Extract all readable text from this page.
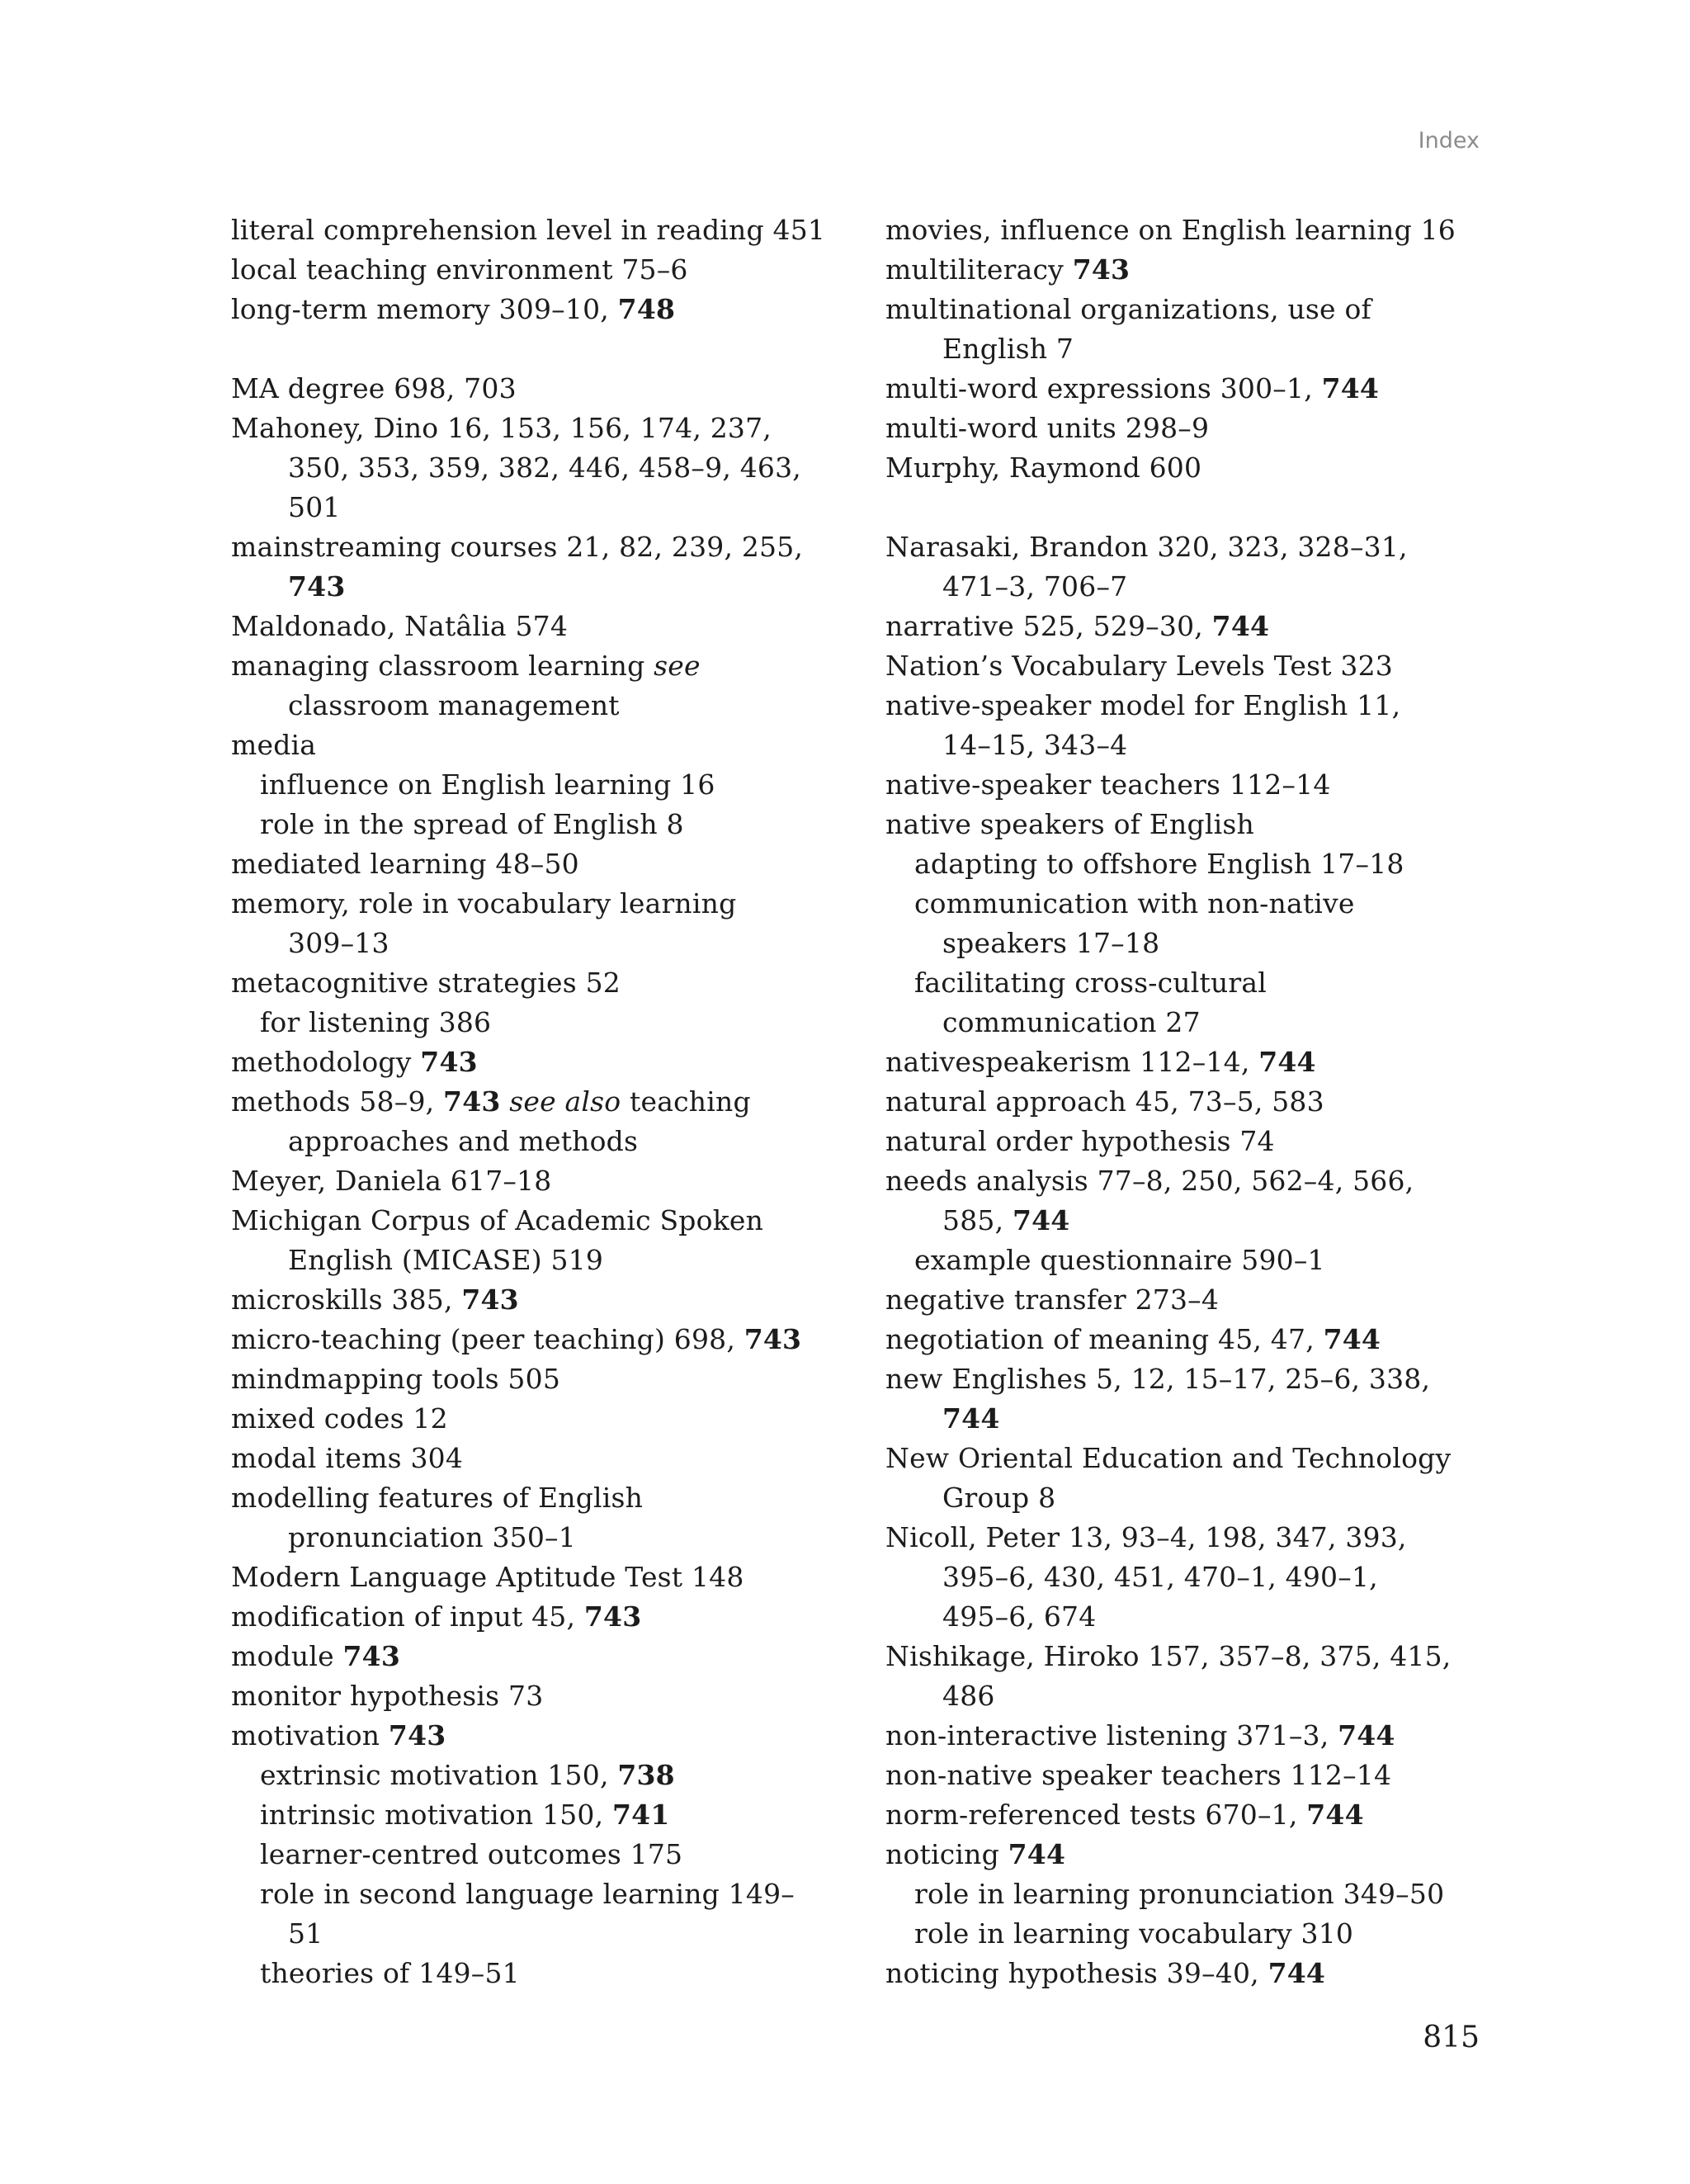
Index
literal comprehension level in reading 451
local teaching environment 75–6
long-term memory 309–10, 748
MA degree 698, 703
Mahoney, Dino 16, 153, 156, 174, 237,
350, 353, 359, 382, 446, 458–9, 463,
501
mainstreaming courses 21, 82, 239, 255,
743
Maldonado, Natâlia 574
managing classroom learning see
classroom management
media
influence on English learning 16
role in the spread of English 8
mediated learning 48–50
memory, role in vocabulary learning
309–13
metacognitive strategies 52
for listening 386
methodology 743
methods 58–9, 743 see also teaching
approaches and methods
Meyer, Daniela 617–18
Michigan Corpus of Academic Spoken
English (MICASE) 519
microskills 385, 743
micro-teaching (peer teaching) 698, 743
mindmapping tools 505
mixed codes 12
modal items 304
modelling features of English
pronunciation 350–1
Modern Language Aptitude Test 148
modification of input 45, 743
module 743
monitor hypothesis 73
motivation 743
extrinsic motivation 150, 738
intrinsic motivation 150, 741
learner-centred outcomes 175
role in second language learning 149–
51
theories of 149–51
movies, influence on English learning 16
multiliteracy 743
multinational organizations, use of
English 7
multi-word expressions 300–1, 744
multi-word units 298–9
Murphy, Raymond 600
Narasaki, Brandon 320, 323, 328–31,
471–3, 706–7
narrative 525, 529–30, 744
Nation’s Vocabulary Levels Test 323
native-speaker model for English 11,
14–15, 343–4
native-speaker teachers 112–14
native speakers of English
adapting to offshore English 17–18
communication with non-native
speakers 17–18
facilitating cross-cultural
communication 27
nativespeakerism 112–14, 744
natural approach 45, 73–5, 583
natural order hypothesis 74
needs analysis 77–8, 250, 562–4, 566,
585, 744
example questionnaire 590–1
negative transfer 273–4
negotiation of meaning 45, 47, 744
new Englishes 5, 12, 15–17, 25–6, 338,
744
New Oriental Education and Technology
Group 8
Nicoll, Peter 13, 93–4, 198, 347, 393,
395–6, 430, 451, 470–1, 490–1,
495–6, 674
Nishikage, Hiroko 157, 357–8, 375, 415,
486
non-interactive listening 371–3, 744
non-native speaker teachers 112–14
norm-referenced tests 670–1, 744
noticing 744
role in learning pronunciation 349–50
role in learning vocabulary 310
noticing hypothesis 39–40, 744
815
